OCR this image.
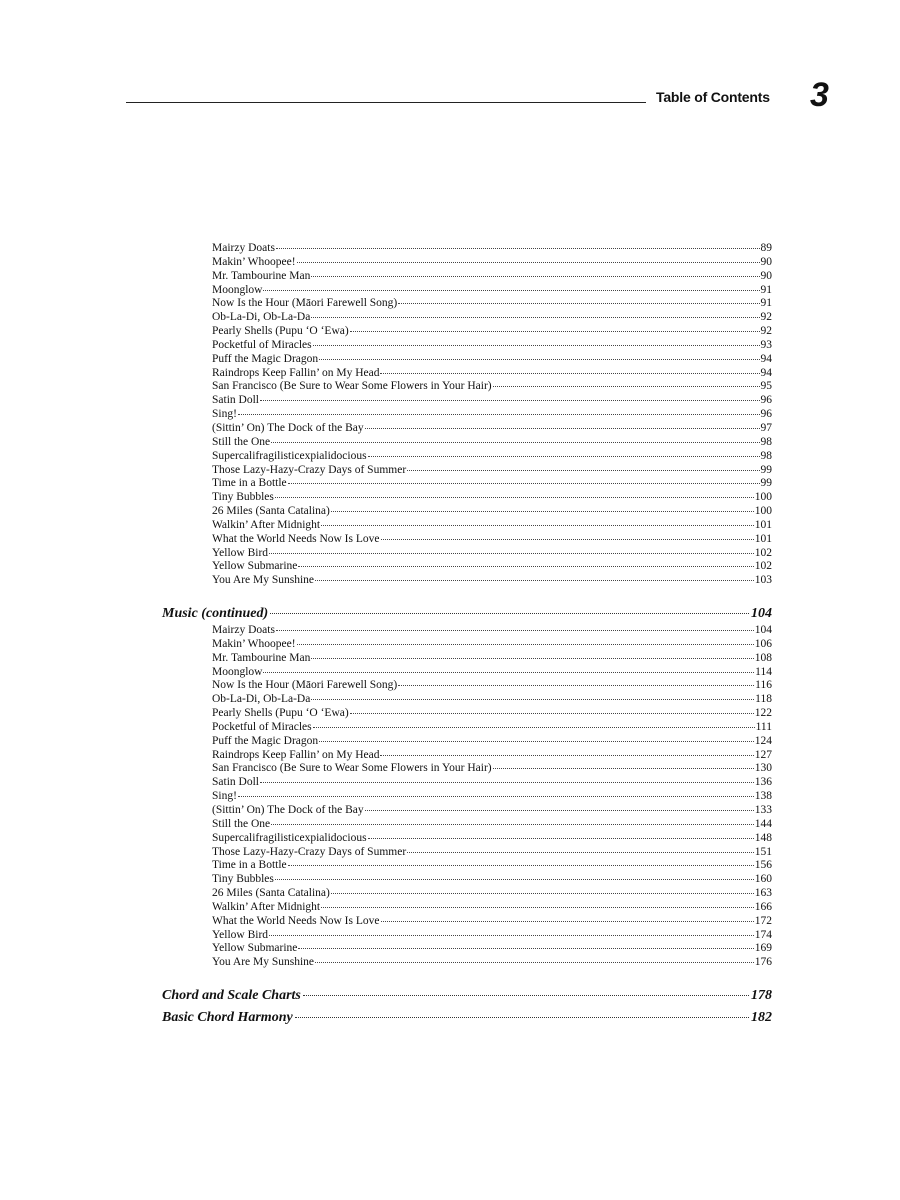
Table of Contents 3
Mairzy Doats	89
Makin’ Whoopee!	90
Mr. Tambourine Man	90
Moonglow	91
Now Is the Hour (Māori Farewell Song)	91
Ob-La-Di, Ob-La-Da	92
Pearly Shells (Pupu ‘O ‘Ewa)	92
Pocketful of Miracles	93
Puff the Magic Dragon	94
Raindrops Keep Fallin’ on My Head	94
San Francisco (Be Sure to Wear Some Flowers in Your Hair)	95
Satin Doll	96
Sing!	96
(Sittin’ On) The Dock of the Bay	97
Still the One	98
Supercalifragilisticexpialidocious	98
Those Lazy-Hazy-Crazy Days of Summer	99
Time in a Bottle	99
Tiny Bubbles	100
26 Miles (Santa Catalina)	100
Walkin’ After Midnight	101
What the World Needs Now Is Love	101
Yellow Bird	102
Yellow Submarine	102
You Are My Sunshine	103
Music (continued)	104
Mairzy Doats	104
Makin’ Whoopee!	106
Mr. Tambourine Man	108
Moonglow	114
Now Is the Hour (Māori Farewell Song)	116
Ob-La-Di, Ob-La-Da	118
Pearly Shells (Pupu ‘O ‘Ewa)	122
Pocketful of Miracles	111
Puff the Magic Dragon	124
Raindrops Keep Fallin’ on My Head	127
San Francisco (Be Sure to Wear Some Flowers in Your Hair)	130
Satin Doll	136
Sing!	138
(Sittin’ On) The Dock of the Bay	133
Still the One	144
Supercalifragilisticexpialidocious	148
Those Lazy-Hazy-Crazy Days of Summer	151
Time in a Bottle	156
Tiny Bubbles	160
26 Miles (Santa Catalina)	163
Walkin’ After Midnight	166
What the World Needs Now Is Love	172
Yellow Bird	174
Yellow Submarine	169
You Are My Sunshine	176
Chord and Scale Charts	178
Basic Chord Harmony	182
